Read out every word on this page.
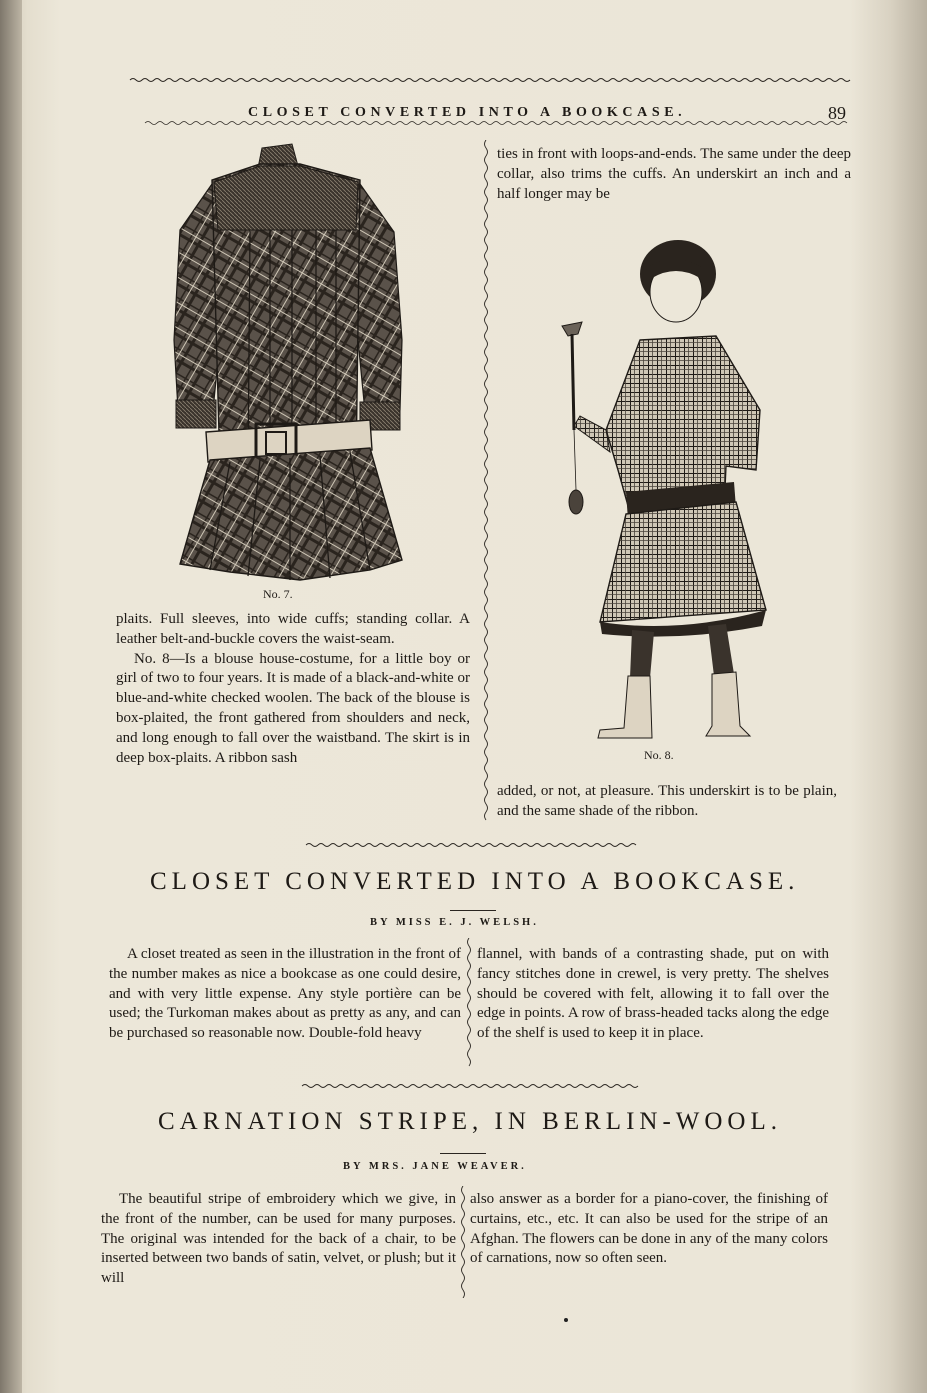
CLOSET CONVERTED INTO A BOOKCASE.	89
No. 7.
No. 8.

ties in front with loops-and-ends. The same under the deep collar, also trims the cuffs. An underskirt an inch and a half longer may be

plaits. Full sleeves, into wide cuffs; standing collar. A leather belt-and-buckle covers the waist-seam.

No. 8—Is a blouse house-costume, for a little boy or girl of two to four years. It is made of a black-and-white or blue-and-white checked woolen. The back of the blouse is box-plaited, the front gathered from shoulders and neck, and long enough to fall over the waistband. The skirt is in deep box-plaits. A ribbon sash

added, or not, at pleasure. This underskirt is to be plain, and the same shade of the ribbon.

CLOSET CONVERTED INTO A BOOKCASE.
BY MISS E. J. WELSH.

A closet treated as seen in the illustration in the front of the number makes as nice a bookcase as one could desire, and with very little expense. Any style portière can be used; the Turkoman makes about as pretty as any, and can be purchased so reasonable now. Double-fold heavy

flannel, with bands of a contrasting shade, put on with fancy stitches done in crewel, is very pretty. The shelves should be covered with felt, allowing it to fall over the edge in points. A row of brass-headed tacks along the edge of the shelf is used to keep it in place.

CARNATION STRIPE, IN BERLIN-WOOL.
BY MRS. JANE WEAVER.

The beautiful stripe of embroidery which we give, in the front of the number, can be used for many purposes. The original was intended for the back of a chair, to be inserted between two bands of satin, velvet, or plush; but it will

also answer as a border for a piano-cover, the finishing of curtains, etc., etc. It can also be used for the stripe of an Afghan. The flowers can be done in any of the many colors of carnations, now so often seen.
